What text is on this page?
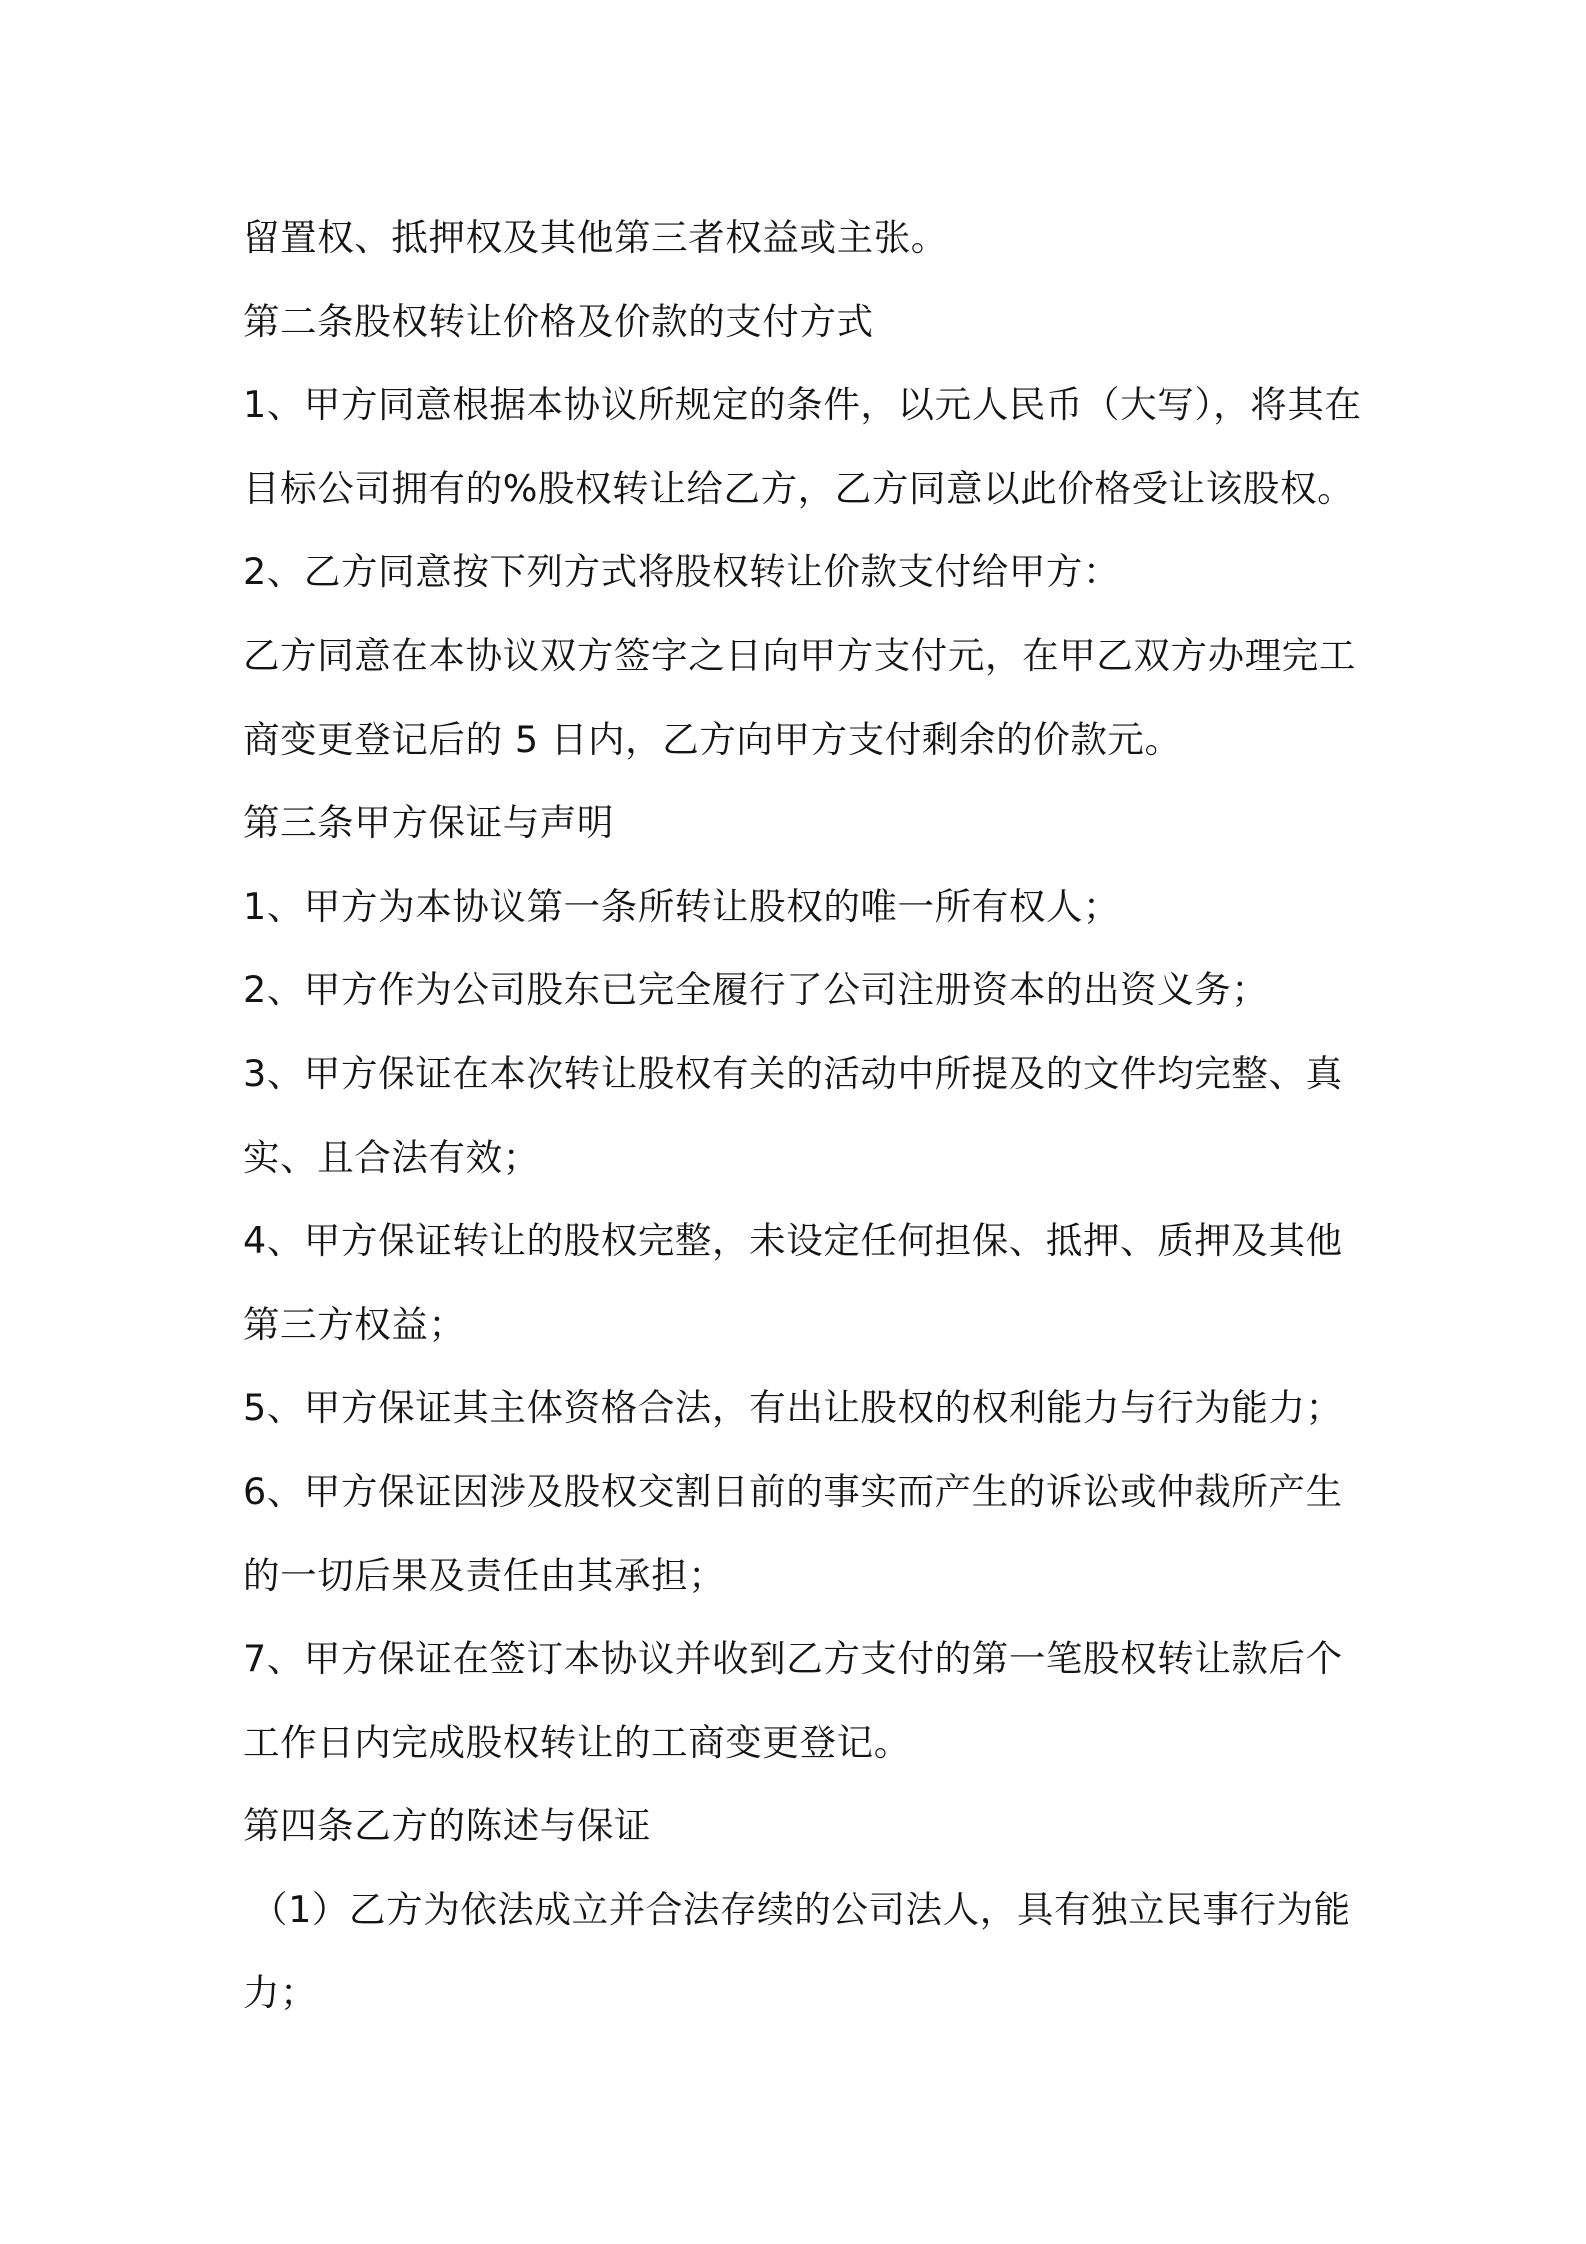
留置权、抵押权及其他第三者权益或主张。
第二条股权转让价格及价款的支付方式
1、甲方同意根据本协议所规定的条件，以元人民币（大写），将其在
目标公司拥有的%股权转让给乙方，乙方同意以此价格受让该股权。
2、乙方同意按下列方式将股权转让价款支付给甲方：
乙方同意在本协议双方签字之日向甲方支付元，在甲乙双方办理完工
商变更登记后的 5 日内，乙方向甲方支付剩余的价款元。
第三条甲方保证与声明
1、甲方为本协议第一条所转让股权的唯一所有权人；
2、甲方作为公司股东已完全履行了公司注册资本的出资义务；
3、甲方保证在本次转让股权有关的活动中所提及的文件均完整、真
实、且合法有效；
4、甲方保证转让的股权完整，未设定任何担保、抵押、质押及其他
第三方权益；
5、甲方保证其主体资格合法，有出让股权的权利能力与行为能力；
6、甲方保证因涉及股权交割日前的事实而产生的诉讼或仲裁所产生
的一切后果及责任由其承担；
7、甲方保证在签订本协议并收到乙方支付的第一笔股权转让款后个
工作日内完成股权转让的工商变更登记。
第四条乙方的陈述与保证
（1）乙方为依法成立并合法存续的公司法人，具有独立民事行为能
力；
